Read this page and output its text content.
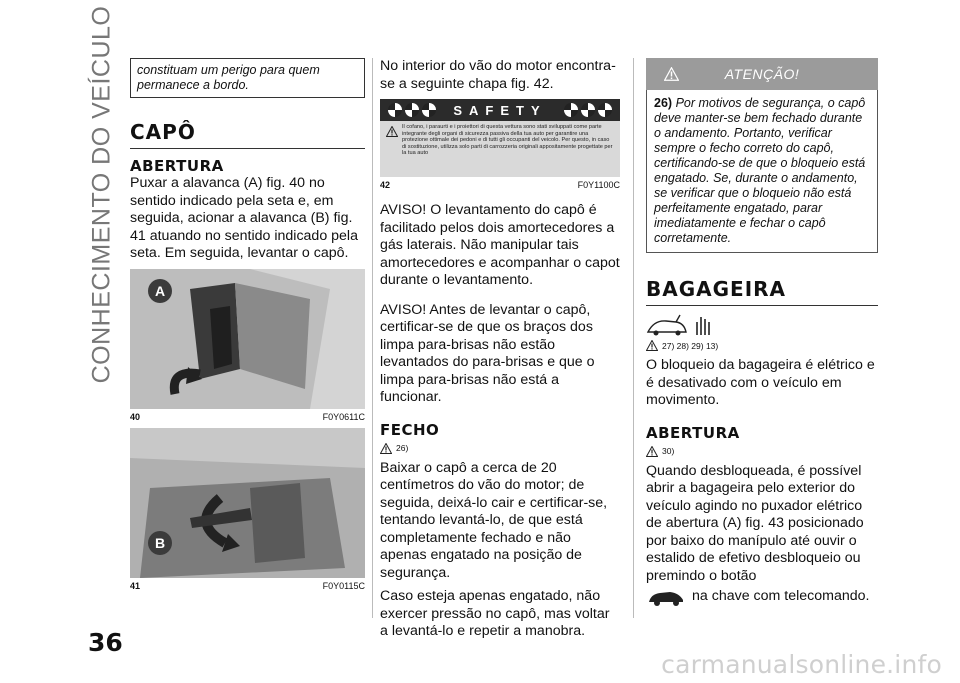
CONHECIMENTO DO VEÍCULO	constituam um perigo para quem permanece a bordo.
CAPÔ
ABERTURA

Puxar a alavanca (A) fig. 40 no sentido indicado pela seta e, em seguida, acionar a alavanca (B) fig. 41 atuando no sentido indicado pela seta. Em seguida, levantar o capô.

A
40	F0Y0611C
B
41	F0Y0115C

No interior do vão do motor encontra-se a seguinte chapa fig. 42.

SAFETY
Il cofano, i paraurti e i proiettori di questa vettura sono stati sviluppati come parte integrante degli organi di sicurezza passiva della tua auto per garantire una protezione ottimale dei pedoni e di tutti gli occupanti del veicolo. Per questo, in caso di sostituzione, utilizza solo parti di carrozzeria originali appositamente progettate per la tua auto
42	F0Y1100C

AVISO! O levantamento do capô é facilitado pelos dois amortecedores a gás laterais. Não manipular tais amortecedores e acompanhar o capot durante o levantamento.

AVISO! Antes de levantar o capô, certificar-se de que os braços dos limpa para-brisas não estão levantados do para-brisas e que o limpa para-brisas não está a funcionar.

FECHO
26)

Baixar o capô a cerca de 20 centímetros do vão do motor; de seguida, deixá-lo cair e certificar-se, tentando levantá-lo, de que está completamente fechado e não apenas engatado na posição de segurança.

Caso esteja apenas engatado, não exercer pressão no capô, mas voltar a levantá-lo e repetir a manobra.

ATENÇÃO!
26) Por motivos de segurança, o capô deve manter-se bem fechado durante o andamento. Portanto, verificar sempre o fecho correto do capô, certificando-se de que o bloqueio está engatado. Se, durante o andamento, se verificar que o bloqueio não está perfeitamente engatado, parar imediatamente e fechar o capô corretamente.
BAGAGEIRA
27) 28) 29) 13)

O bloqueio da bagageira é elétrico e é desativado com o veículo em movimento.

ABERTURA
30)

Quando desbloqueada, é possível abrir a bagageira pelo exterior do veículo agindo no puxador elétrico de abertura (A) fig. 43 posicionado por baixo do manípulo até ouvir o estalido de efetivo desbloqueio ou premindo o botão

na chave com telecomando.

36
carmanualsonline.info
